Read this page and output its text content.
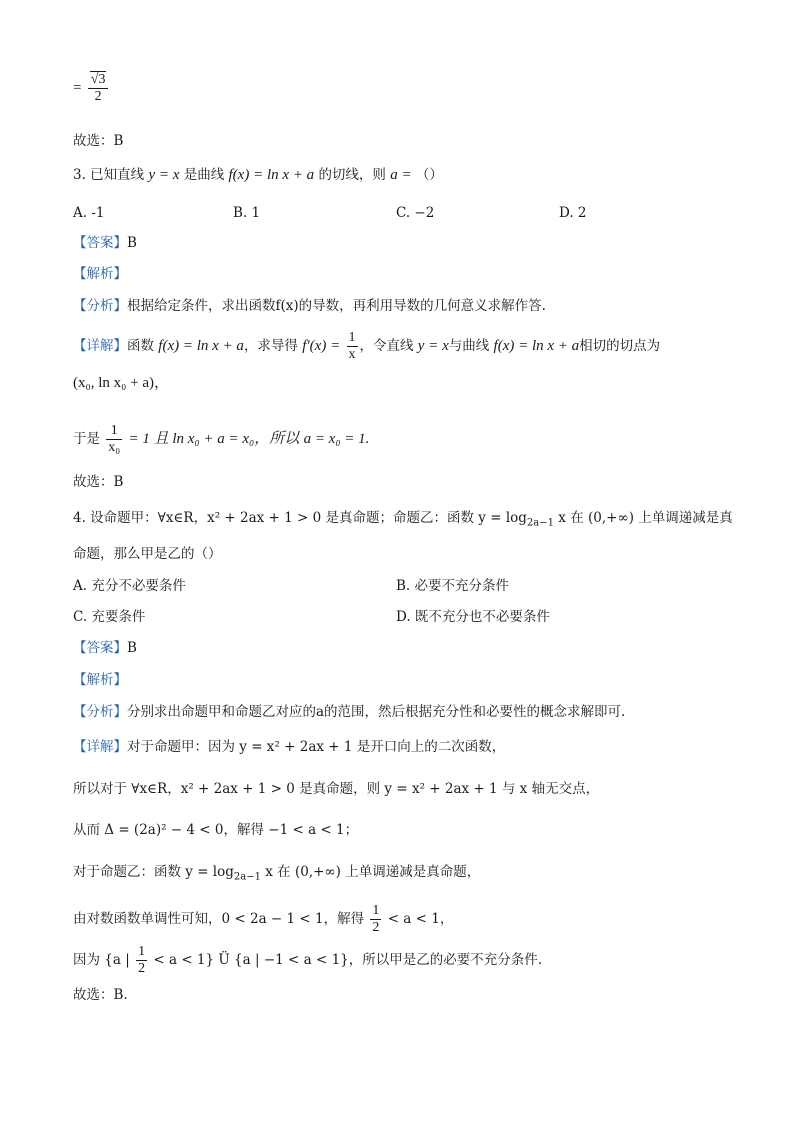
= $\frac{√3}{2}$
故选：B
3. 已知直线 y = x 是曲线 f(x) = ln x + a 的切线，则 a = （）
A. -1	B. 1	C. −2	D. 2
【答案】B
【解析】
【分析】根据给定条件，求出函数f(x)的导数，再利用导数的几何意义求解作答.
【详解】函数 f(x) = ln x + a，求导得 $f'(x) = \frac{1}{x}$ ，令直线 y = x与曲线 f(x) = ln x + a相切的切点为
(x₀, ln x₀ + a)，
于是 $\frac{1}{\text{x₀}} = 1$ 且 ln x₀ + a = x₀，所以 a = x₀ = 1.
故选：B
4. 设命题甲：∀x∈R，x² + 2ax + 1 > 0 是真命题；命题乙：函数 $y = \log_{2a-1} x$ 在 (0,+∞) 上单调递减是真
命题，那么甲是乙的（）
A. 充分不必要条件	B. 必要不充分条件
C. 充要条件	D. 既不充分也不必要条件
【答案】B
【解析】
【分析】分别求出命题甲和命题乙对应的a的范围，然后根据充分性和必要性的概念求解即可.
【详解】对于命题甲：因为 y = x² + 2ax + 1 是开口向上的二次函数，
所以对于 ∀x∈R，x² + 2ax + 1 > 0 是真命题，则 y = x² + 2ax + 1 与 x 轴无交点，
从而 Δ = (2a)² − 4 < 0，解得 −1 < a < 1；
对于命题乙：函数 $y = \log_{2a-1} x$ 在 (0,+∞) 上单调递减是真命题，
由对数函数单调性可知，0 < 2a − 1 < 1，解得 $\frac{1}{2} < a < 1$，
因为 {a | $\frac{1}{2} < a < 1$} Ü {a | −1 < a < 1}，所以甲是乙的必要不充分条件.
故选：B.
